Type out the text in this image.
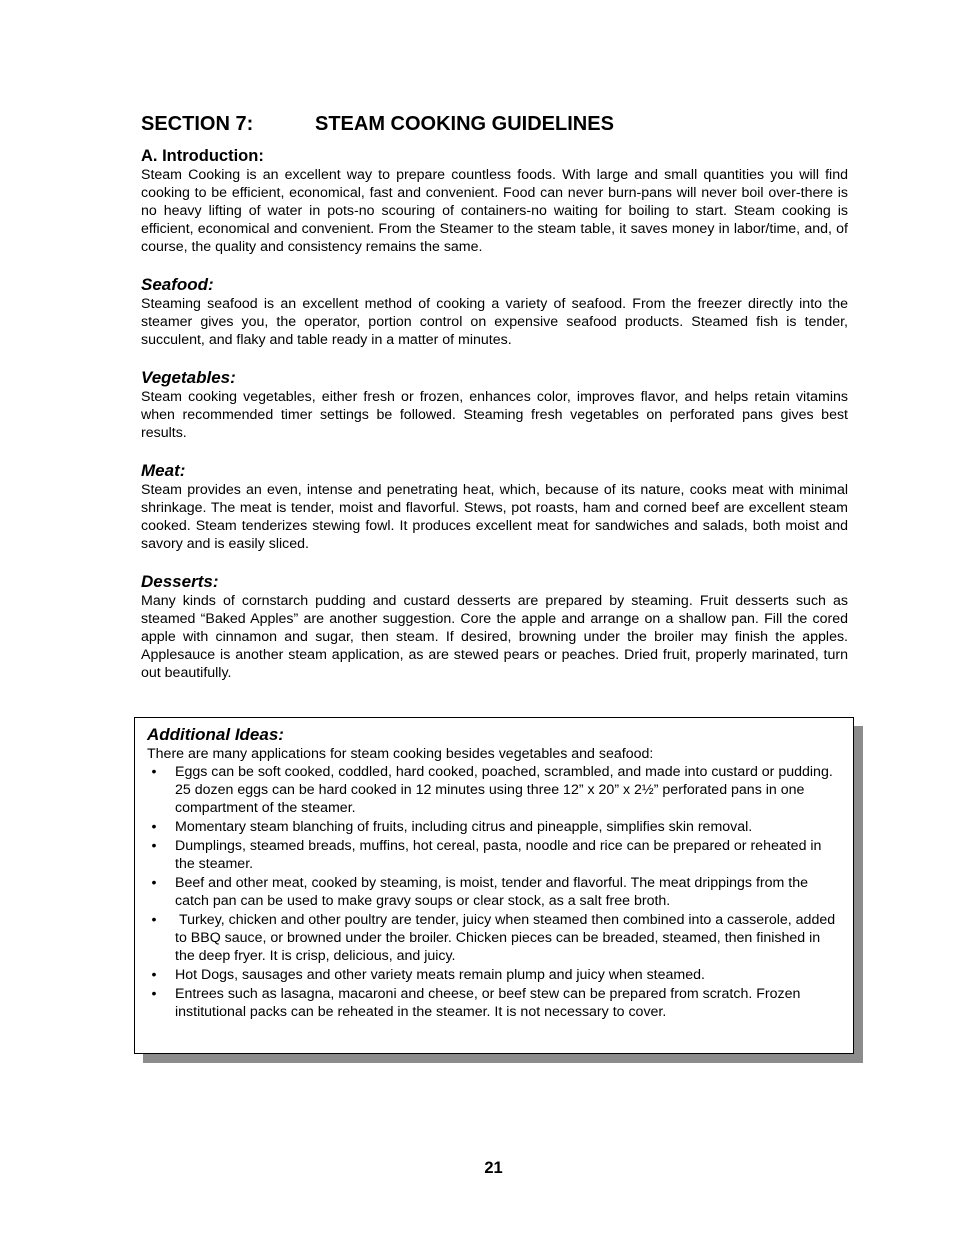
SECTION 7:	STEAM COOKING GUIDELINES

A. Introduction:

Steam Cooking is an excellent way to prepare countless foods. With large and small quantities you will find cooking to be efficient, economical, fast and convenient. Food can never burn-pans will never boil over-there is no heavy lifting of water in pots-no scouring of containers-no waiting for boiling to start. Steam cooking is efficient, economical and convenient. From the Steamer to the steam table, it saves money in labor/time, and, of course, the quality and consistency remains the same.

Seafood:

Steaming seafood is an excellent method of cooking a variety of seafood. From the freezer directly into the steamer gives you, the operator, portion control on expensive seafood products. Steamed fish is tender, succulent, and flaky and table ready in a matter of minutes.

Vegetables:

Steam cooking vegetables, either fresh or frozen, enhances color, improves flavor, and helps retain vitamins when recommended timer settings be followed. Steaming fresh vegetables on perforated pans gives best results.

Meat:

Steam provides an even, intense and penetrating heat, which, because of its nature, cooks meat with minimal shrinkage. The meat is tender, moist and flavorful. Stews, pot roasts, ham and corned beef are excellent steam cooked. Steam tenderizes stewing fowl. It produces excellent meat for sandwiches and salads, both moist and savory and is easily sliced.

Desserts:

Many kinds of cornstarch pudding and custard desserts are prepared by steaming. Fruit desserts such as steamed “Baked Apples” are another suggestion. Core the apple and arrange on a shallow pan. Fill the cored apple with cinnamon and sugar, then steam. If desired, browning under the broiler may finish the apples. Applesauce is another steam application, as are stewed pears or peaches. Dried fruit, properly marinated, turn out beautifully.

Additional Ideas:

There are many applications for steam cooking besides vegetables and seafood:

•	Eggs can be soft cooked, coddled, hard cooked, poached, scrambled, and made into custard or pudding. 25 dozen eggs can be hard cooked in 12 minutes using three 12” x 20” x 2½” perforated pans in one compartment of the steamer.
•	Momentary steam blanching of fruits, including citrus and pineapple, simplifies skin removal.
•	Dumplings, steamed breads, muffins, hot cereal, pasta, noodle and rice can be prepared or reheated in the steamer.
•	Beef and other meat, cooked by steaming, is moist, tender and flavorful. The meat drippings from the catch pan can be used to make gravy soups or clear stock, as a salt free broth.
•	Turkey, chicken and other poultry are tender, juicy when steamed then combined into a casserole, added to BBQ sauce, or browned under the broiler. Chicken pieces can be breaded, steamed, then finished in the deep fryer. It is crisp, delicious, and juicy.
•	Hot Dogs, sausages and other variety meats remain plump and juicy when steamed.
•	Entrees such as lasagna, macaroni and cheese, or beef stew can be prepared from scratch. Frozen institutional packs can be reheated in the steamer. It is not necessary to cover.
21
